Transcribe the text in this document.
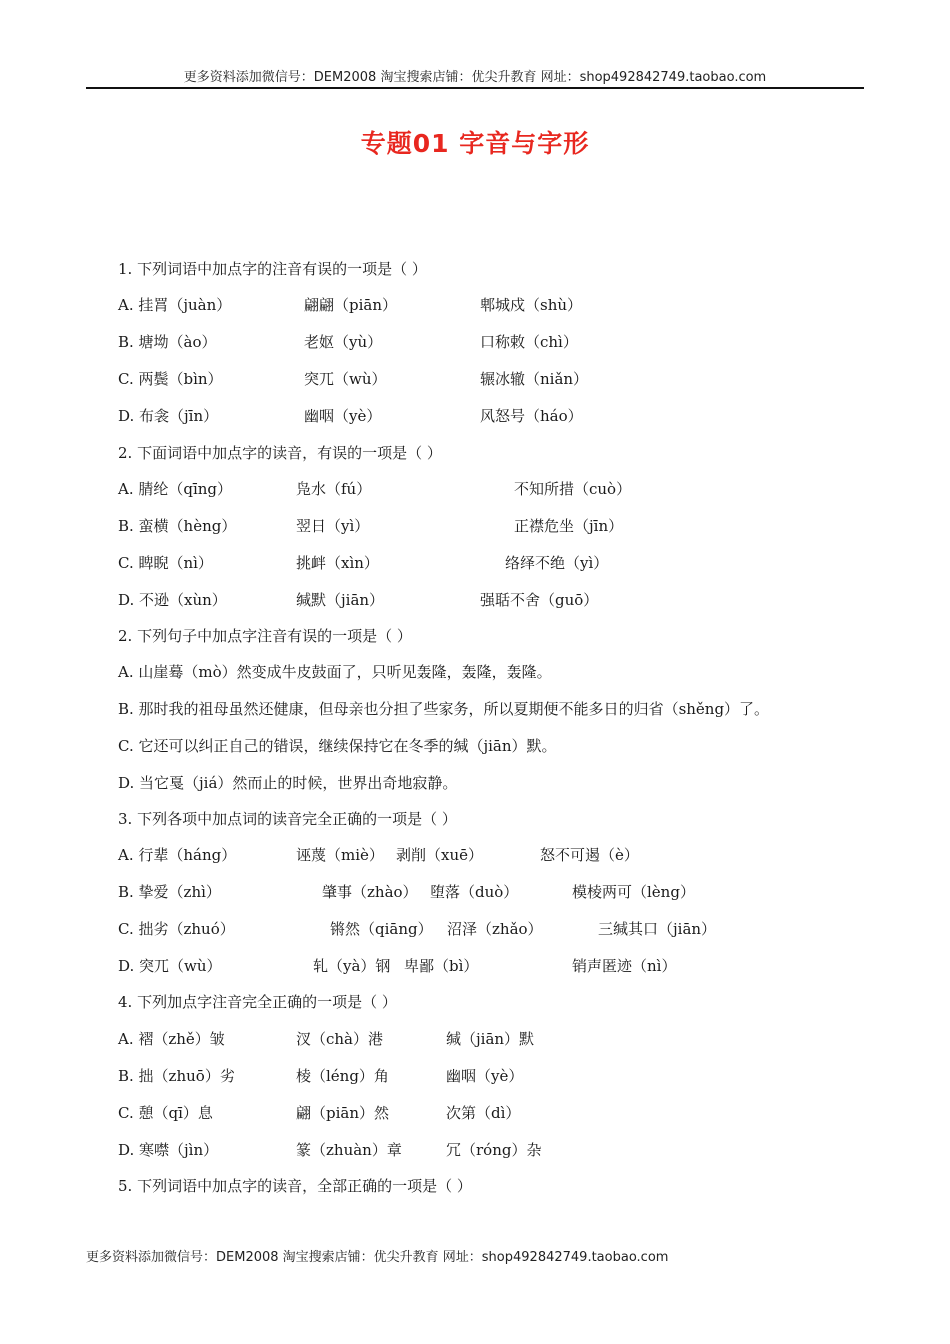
更多资料添加微信号：DEM2008 淘宝搜索店铺：优尖升教育 网址：shop492842749.taobao.com
专题01 字音与字形
1. 下列词语中加点字的注音有误的一项是（ ）
A. 挂罥（juàn）	翩翩（piān）	郫城戍（shù）
B. 塘坳（ào）	老妪（yù）	口称敕（chì）
C. 两鬓（bìn）	突兀（wù）	辗冰辙（niǎn）
D. 布衾（jīn）	幽咽（yè）	风怒号（háo）
2. 下面词语中加点字的读音，有误的一项是（ ）
A. 腈纶（qīng）	凫水（fú）	不知所措（cuò）
B. 蛮横（hèng）	翌日（yì）	正襟危坐（jīn）
C. 睥睨（nì）	挑衅（xìn）	络绎不绝（yì）
D. 不逊（xùn）	缄默（jiān）	强聒不舍（guō）
2. 下列句子中加点字注音有误的一项是（ ）
A. 山崖蓦（mò）然变成牛皮鼓面了，只听见轰隆，轰隆，轰隆。
B. 那时我的祖母虽然还健康，但母亲也分担了些家务，所以夏期便不能多日的归省（shěng）了。
C. 它还可以纠正自己的错误，继续保持它在冬季的缄（jiān）默。
D. 当它戛（jiá）然而止的时候，世界出奇地寂静。
3. 下列各项中加点词的读音完全正确的一项是（ ）
A. 行辈（háng）	诬蔑（miè） 剥削（xuē）	怒不可遏（è）
B. 挚爱（zhì）	肇事（zhào） 堕落（duò）	模棱两可（lèng）
C. 拙劣（zhuó）	锵然（qiāng） 沼泽（zhǎo）	三缄其口（jiān）
D. 突兀（wù）	轧（yà）钢 卑鄙（bì）	销声匿迹（nì）
4. 下列加点字注音完全正确的一项是（ ）
A. 褶（zhě）皱	汊（chà）港	缄（jiān）默
B. 拙（zhuō）劣	棱（léng）角	幽咽（yè）
C. 憩（qī）息	翩（piān）然	次第（dì）
D. 寒噤（jìn）	篆（zhuàn）章	冗（róng）杂
5. 下列词语中加点字的读音，全部正确的一项是（ ）
更多资料添加微信号：DEM2008 淘宝搜索店铺：优尖升教育 网址：shop492842749.taobao.com
